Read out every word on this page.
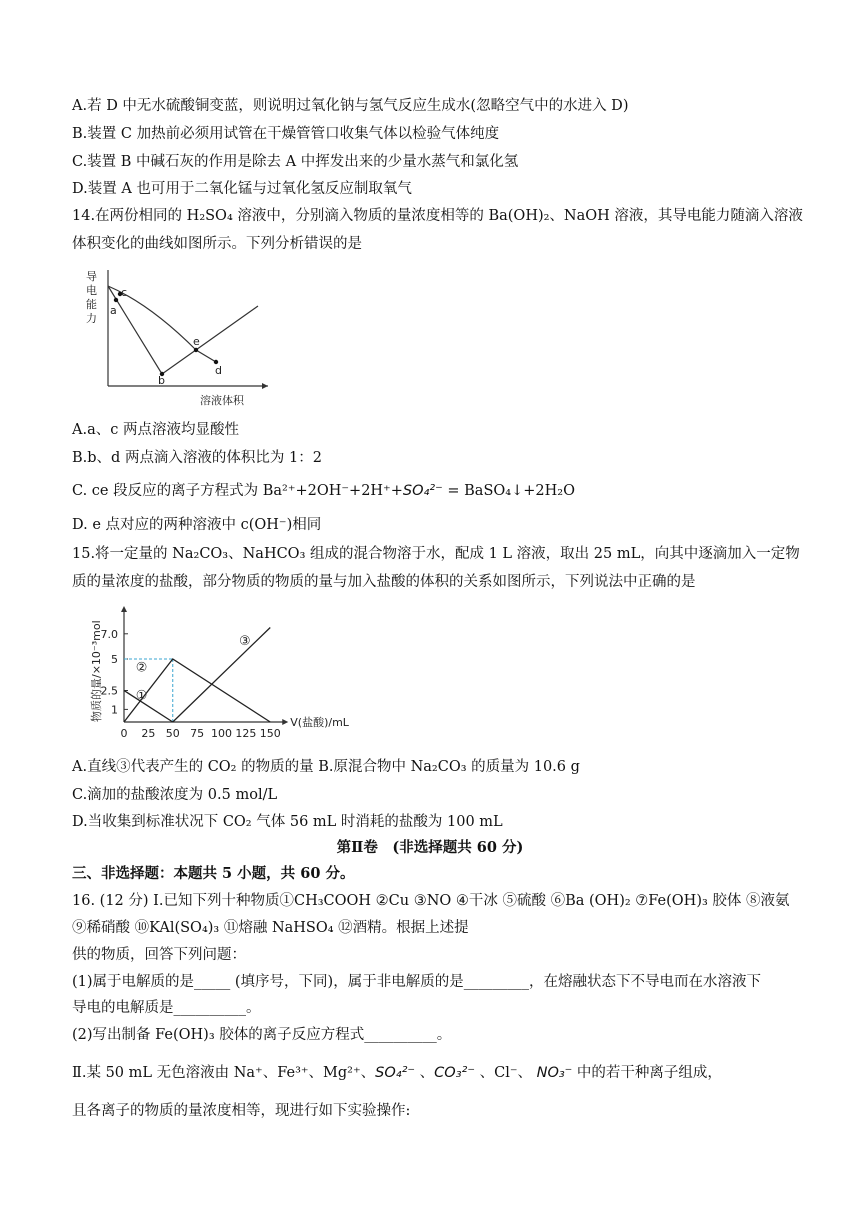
A.若 D 中无水硫酸铜变蓝，则说明过氧化钠与氢气反应生成水(忽略空气中的水进入 D)
B.装置 C 加热前必须用试管在干燥管管口收集气体以检验气体纯度
C.装置 B 中碱石灰的作用是除去 A 中挥发出来的少量水蒸气和氯化氢
D.装置 A 也可用于二氧化锰与过氧化氢反应制取氧气
14.在两份相同的 H₂SO₄ 溶液中，分别滴入物质的量浓度相等的 Ba(OH)₂、NaOH 溶液，其导电能力随滴入溶液
体积变化的曲线如图所示。下列分析错误的是
导
电
能
力
a
b
c
d
e
溶液体积
A.a、c 两点溶液均显酸性
B.b、d 两点滴入溶液的体积比为 1：2
C. ce 段反应的离子方程式为 Ba²⁺+2OH⁻+2H⁺+SO₄²⁻ = BaSO₄↓+2H₂O
D. e 点对应的两种溶液中 c(OH⁻)相同
15.将一定量的 Na₂CO₃、NaHCO₃ 组成的混合物溶于水，配成 1 L 溶液，取出 25 mL，向其中逐滴加入一定物
质的量浓度的盐酸，部分物质的物质的量与加入盐酸的体积的关系如图所示，下列说法中正确的是
1
2.5
5
7.0
0 25 50 75 100 125 150
①
②
③
V(盐酸)/mL
物质的量/×10⁻³mol
A.直线③代表产生的 CO₂ 的物质的量 B.原混合物中 Na₂CO₃ 的质量为 10.6 g
C.滴加的盐酸浓度为 0.5 mol/L
D.当收集到标准状况下 CO₂ 气体 56 mL 时消耗的盐酸为 100 mL
第Ⅱ卷　(非选择题共 60 分)
三、非选择题：本题共 5 小题，共 60 分。
16. (12 分) Ⅰ.已知下列十种物质①CH₃COOH ②Cu ③NO ④干冰 ⑤硫酸 ⑥Ba (OH)₂ ⑦Fe(OH)₃ 胶体 ⑧液氨
⑨稀硝酸 ⑩KAl(SO₄)₃ ⑪熔融 NaHSO₄ ⑫酒精。根据上述提
供的物质，回答下列问题：
(1)属于电解质的是_____ (填序号，下同)，属于非电解质的是_________，在熔融状态下不导电而在水溶液下
导电的电解质是__________。
(2)写出制备 Fe(OH)₃ 胶体的离子反应方程式__________。
Ⅱ.某 50 mL 无色溶液由 Na⁺、Fe³⁺、Mg²⁺、SO₄²⁻ 、CO₃²⁻ 、Cl⁻、 NO₃⁻ 中的若干种离子组成，
且各离子的物质的量浓度相等，现进行如下实验操作:
